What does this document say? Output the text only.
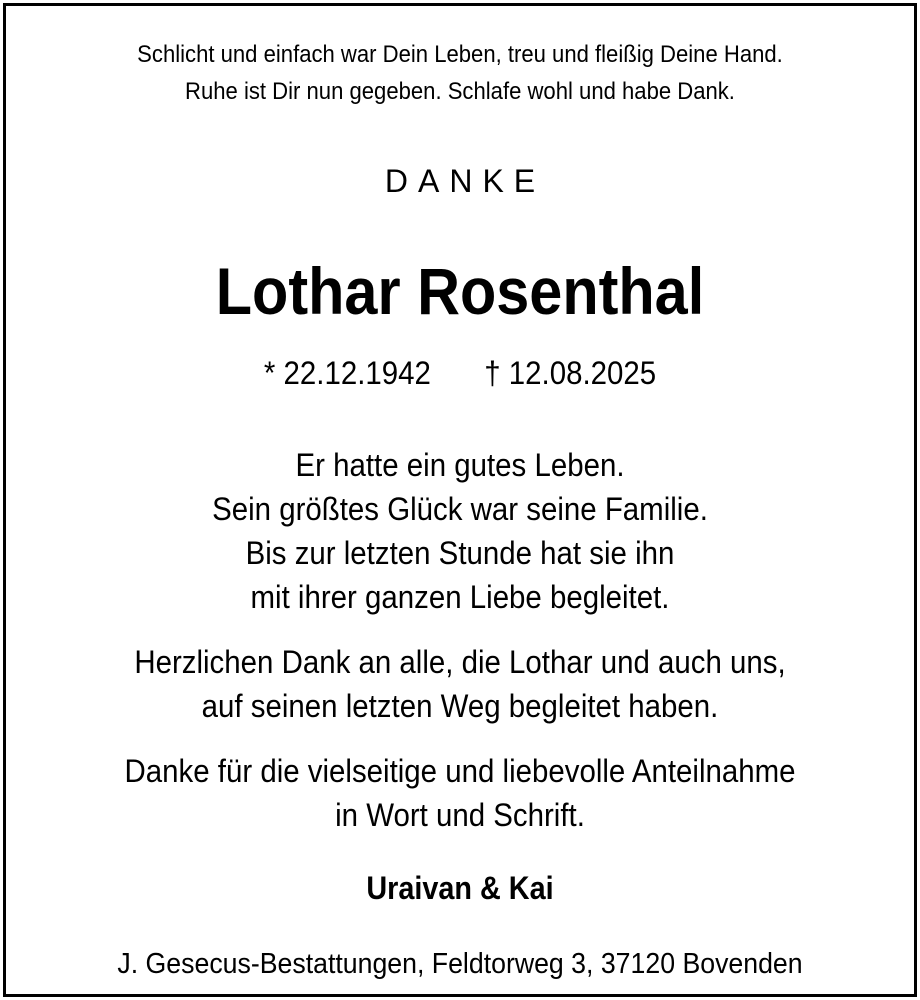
Schlicht und einfach war Dein Leben, treu und fleißig Deine Hand.
Ruhe ist Dir nun gegeben. Schlafe wohl und habe Dank.
DANKE
Lothar Rosenthal
* 22.12.1942 † 12.08.2025
Er hatte ein gutes Leben.
Sein größtes Glück war seine Familie.
Bis zur letzten Stunde hat sie ihn
mit ihrer ganzen Liebe begleitet.
Herzlichen Dank an alle, die Lothar und auch uns,
auf seinen letzten Weg begleitet haben.
Danke für die vielseitige und liebevolle Anteilnahme
in Wort und Schrift.
Uraivan & Kai
J. Gesecus-Bestattungen, Feldtorweg 3, 37120 Bovenden
